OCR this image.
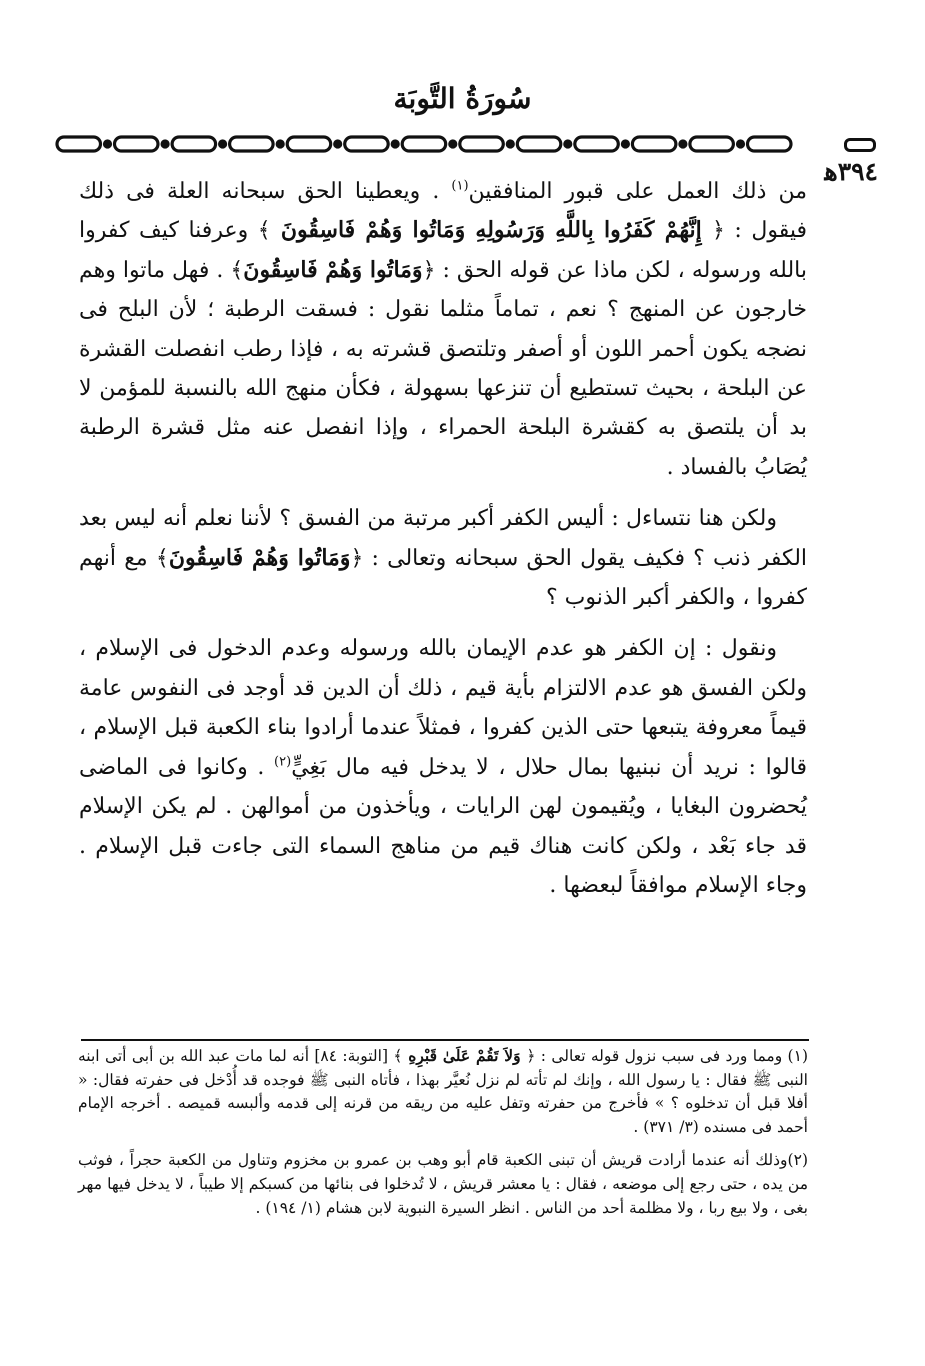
سُورَةُ التَّوبَة
٣٩٤ﻫ

من ذلك العمل على قبور المنافقين$^{(١)}$ . ويعطينا الحق سبحانه العلة فى ذلك فيقول : ﴿ إِنَّهُمْ كَفَرُوا بِاللَّهِ وَرَسُولِهِ وَمَاتُوا وَهُمْ فَاسِقُونَ ﴾ وعرفنا كيف كفروا بالله ورسوله ، لكن ماذا عن قوله الحق : ﴿وَمَاتُوا وَهُمْ فَاسِقُونَ﴾ . فهل ماتوا وهم خارجون عن المنهج ؟ نعم ، تماماً مثلما نقول : فسقت الرطبة ؛ لأن البلح فى نضجه يكون أحمر اللون أو أصفر وتلتصق قشرته به ، فإذا رطب انفصلت القشرة عن البلحة ، بحيث تستطيع أن تنزعها بسهولة ، فكأن منهج الله بالنسبة للمؤمن لا بد أن يلتصق به كقشرة البلحة الحمراء ، وإذا انفصل عنه مثل قشرة الرطبة يُصَابُ بالفساد .

ولكن هنا نتساءل : أليس الكفر أكبر مرتبة من الفسق ؟ لأننا نعلم أنه ليس بعد الكفر ذنب ؟ فكيف يقول الحق سبحانه وتعالى : ﴿وَمَاتُوا وَهُمْ فَاسِقُونَ﴾ مع أنهم كفروا ، والكفر أكبر الذنوب ؟

ونقول : إن الكفر هو عدم الإيمان بالله ورسوله وعدم الدخول فى الإسلام ، ولكن الفسق هو عدم الالتزام بأية قيم ، ذلك أن الدين قد أوجد فى النفوس عامة قيماً معروفة يتبعها حتى الذين كفروا ، فمثلاً عندما أرادوا بناء الكعبة قبل الإسلام ، قالوا : نريد أن نبنيها بمال حلال ، لا يدخل فيه مال بَغِيٍّ$^{(٢)}$ . وكانوا فى الماضى يُحضرون البغايا ، ويُقيمون لهن الرايات ، ويأخذون من أموالهن . لم يكن الإسلام قد جاء بَعْد ، ولكن كانت هناك قيم من مناهج السماء التى جاءت قبل الإسلام . وجاء الإسلام موافقاً لبعضها .

(١) ومما ورد فى سبب نزول قوله تعالى : ﴿ وَلاَ تَقُمْ عَلَىٰ قَبْرِهِ ﴾ [التوبة: ٨٤] أنه لما مات عبد الله بن أبى أتى ابنه النبى ﷺ فقال : يا رسول الله ، وإنك لم تأته لم نزل نُعيَّر بهذا ، فأتاه النبى ﷺ فوجده قد أُدْخل فى حفرته فقال: « أفلا قبل أن تدخلوه ؟ » فأخرج من حفرته وتفل عليه من ريقه من قرنه إلى قدمه وألبسه قميصه . أخرجه الإمام أحمد فى مسنده (٣/ ٣٧١) .

(٢)وذلك أنه عندما أرادت قريش أن تبنى الكعبة قام أبو وهب بن عمرو بن مخزوم وتناول من الكعبة حجراً ، فوثب من يده ، حتى رجع إلى موضعه ، فقال : يا معشر قريش ، لا تُدخلوا فى بنائها من كسبكم إلا طيباً ، لا يدخل فيها مهر بغى ، ولا بيع ربا ، ولا مظلمة أحد من الناس . انظر السيرة النبوية لابن هشام (١/ ١٩٤) .
